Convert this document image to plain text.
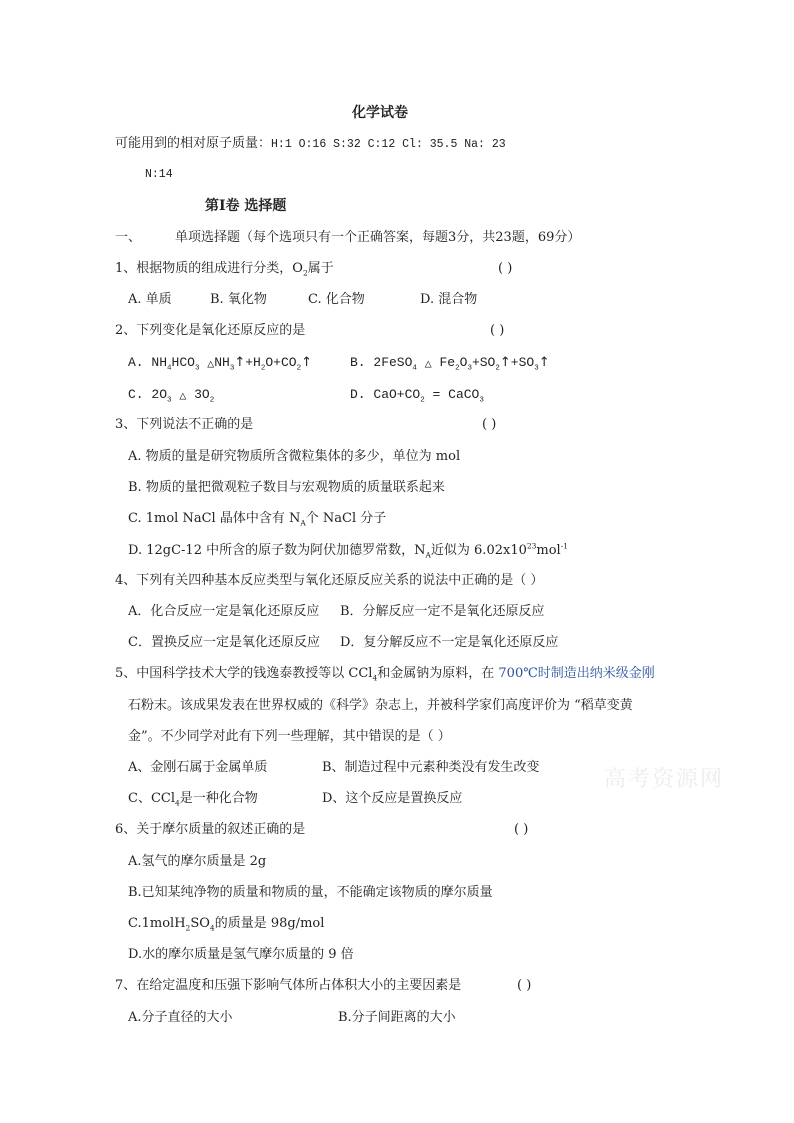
化学试卷
可能用到的相对原子质量：H:1 O:16 S:32 C:12 Cl: 35.5 Na: 23
N:14
第Ⅰ卷 选择题
一、	单项选择题（每个选项只有一个正确答案，每题3分，共23题，69分）
1、根据物质的组成进行分类，$O_2$属于	( )
A. 单质	B. 氧化物	C. 化合物	D. 混合物
2、下列变化是氧化还原反应的是	( )
A. $NH_4HCO_3$ $\triangle NH_3↑+H_2O+CO_2↑$	B. 2FeSO$_4$ △ $Fe_2O_3+SO_2↑+SO_3↑$
C. $2O_3$ △ $3O_2$	D. $CaO+CO_2$ = CaCO$_3$
3、下列说法不正确的是	( )
A. 物质的量是研究物质所含微粒集体的多少，单位为 mol
B. 物质的量把微观粒子数目与宏观物质的质量联系起来
C. 1mol NaCl 晶体中含有 $N_A$个 NaCl 分子
D. 12gC-12 中所含的原子数为阿伏加德罗常数，$N_A$近似为 $6.02x10^{23}mol^{-1}$
4、下列有关四种基本反应类型与氧化还原反应关系的说法中正确的是（ ）
A．化合反应一定是氧化还原反应 B．分解反应一定不是氧化还原反应
C．置换反应一定是氧化还原反应 D．复分解反应不一定是氧化还原反应
5、中国科学技术大学的钱逸泰教授等以 CCl$_4$和金属钠为原料，在 700℃时制造出纳米级金刚
石粉末。该成果发表在世界权威的《科学》杂志上，并被科学家们高度评价为 “稻草变黄
金”。不少同学对此有下列一些理解，其中错误的是（ ）
A、金刚石属于金属单质	B、制造过程中元素种类没有发生改变
C、CCl$_4$是一种化合物	D、这个反应是置换反应
高考资源网
6、关于摩尔质量的叙述正确的是	( )
A.氢气的摩尔质量是 2g
B.已知某纯净物的质量和物质的量，不能确定该物质的摩尔质量
$C.1molH_2SO_4$的质量是 98g/mol
D.水的摩尔质量是氢气摩尔质量的 9 倍
7、在给定温度和压强下影响气体所占体积大小的主要因素是	( )
A.分子直径的大小	B.分子间距离的大小
